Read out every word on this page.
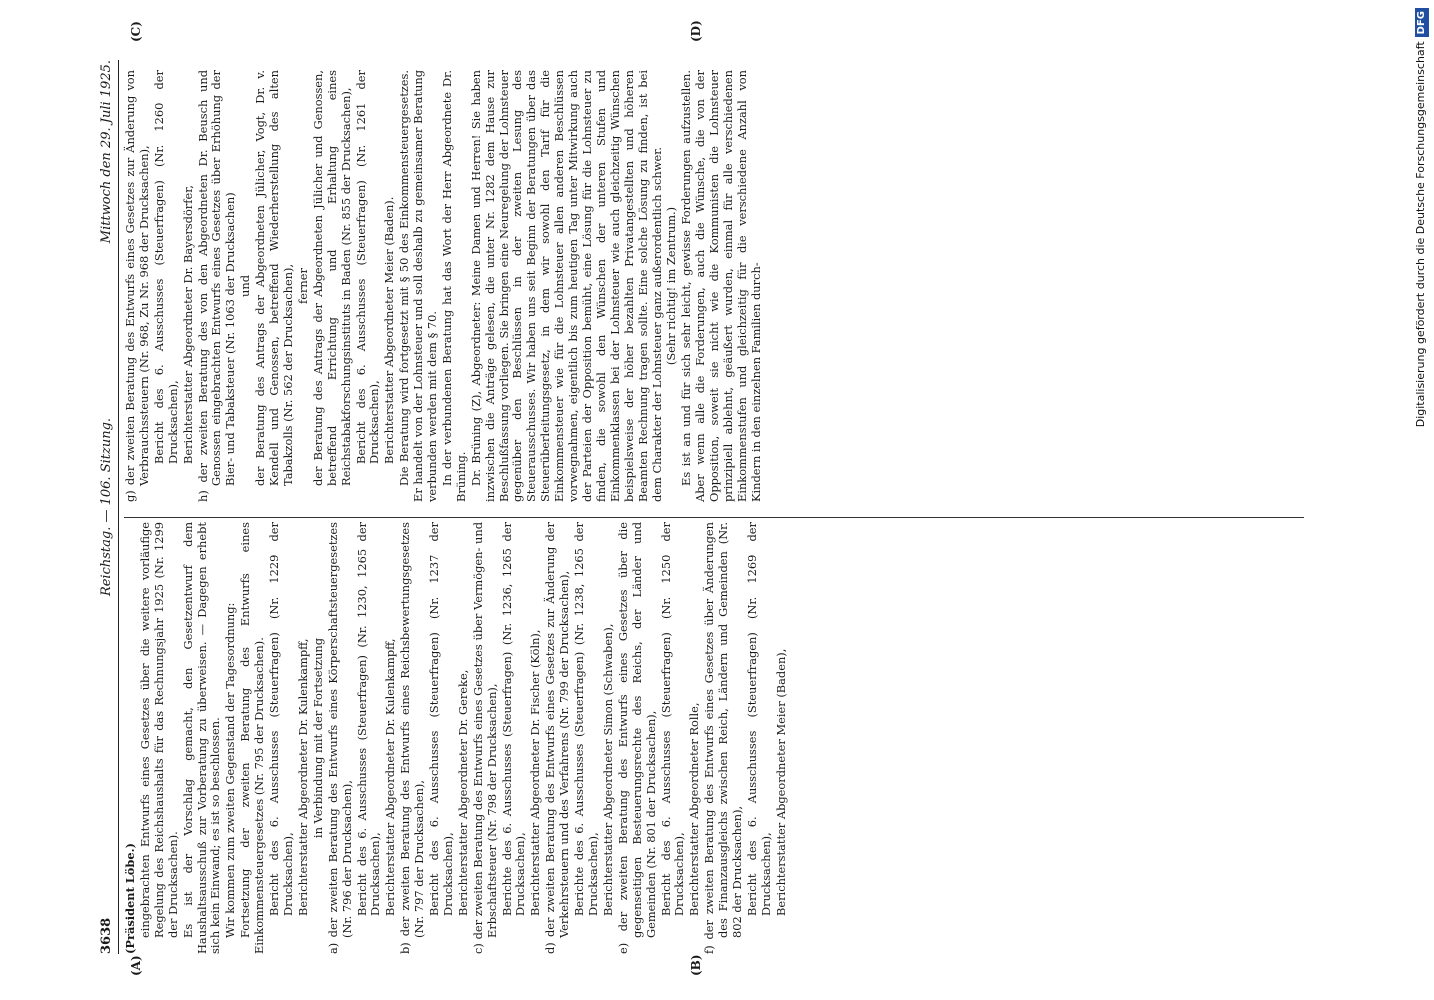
3638
Reichstag. — 106. Sitzung.
Mittwoch den 29. Juli 1925.
(A)	(B)
(C)	(D)

(Präsident Löbe.) eingebrachten Entwurfs eines Gesetzes über die weitere vorläufige Regelung des Reichshaushalts für das Rechnungsjahr 1925 (Nr. 1299 der Drucksachen). Es ist der Vorschlag gemacht, den Gesetzentwurf dem Haushaltsausschuß zur Vorberatung zu überweisen. — Dagegen erhebt sich kein Einwand; es ist so beschlossen. Wir kommen zum zweiten Gegenstand der Tagesordnung: Fortsetzung der zweiten Beratung des Entwurfs eines Einkommensteuergesetzes (Nr. 795 der Drucksachen). Bericht des 6. Ausschusses (Steuerfragen) (Nr. 1229 der Drucksachen), Berichterstatter Abgeordneter Dr. Kulenkampff, in Verbindung mit der Fortsetzung a) der zweiten Beratung des Entwurfs eines Körperschaftsteuergesetzes (Nr. 796 der Drucksachen), Bericht des 6. Ausschusses (Steuerfragen) (Nr. 1230, 1265 der Drucksachen), Berichterstatter Abgeordneter Dr. Kulenkampff, b) der zweiten Beratung des Entwurfs eines Reichsbewertungsgesetzes (Nr. 797 der Drucksachen), Bericht des 6. Ausschusses (Steuerfragen) (Nr. 1237 der Drucksachen), Berichterstatter Abgeordneter Dr. Gereke, c) der zweiten Beratung des Entwurfs eines Gesetzes über Vermögen- und Erbschaftsteuer (Nr. 798 der Drucksachen), Berichte des 6. Ausschusses (Steuerfragen) (Nr. 1236, 1265 der Drucksachen), Berichterstatter Abgeordneter Dr. Fischer (Köln), d) der zweiten Beratung des Entwurfs eines Gesetzes zur Änderung der Verkehrsteuern und des Verfahrens (Nr. 799 der Drucksachen), Berichte des 6. Ausschusses (Steuerfragen) (Nr. 1238, 1265 der Drucksachen), Berichterstatter Abgeordneter Simon (Schwaben), e) der zweiten Beratung des Entwurfs eines Gesetzes über die gegenseitigen Besteuerungsrechte des Reichs, der Länder und Gemeinden (Nr. 801 der Drucksachen), Bericht des 6. Ausschusses (Steuerfragen) (Nr. 1250 der Drucksachen), Berichterstatter Abgeordneter Rolle, f) der zweiten Beratung des Entwurfs eines Gesetzes über Änderungen des Finanzausgleichs zwischen Reich, Ländern und Gemeinden (Nr. 802 der Drucksachen), Bericht des 6. Ausschusses (Steuerfragen) (Nr. 1269 der Drucksachen), Berichterstatter Abgeordneter Meier (Baden),

g) der zweiten Beratung des Entwurfs eines Gesetzes zur Änderung von Verbrauchssteuern (Nr. 968, Zu Nr. 968 der Drucksachen), Bericht des 6. Ausschusses (Steuerfragen) (Nr. 1260 der Drucksachen), Berichterstatter Abgeordneter Dr. Bayersdörfer, h) der zweiten Beratung des von den Abgeordneten Dr. Beusch und Genossen eingebrachten Entwurfs eines Gesetzes über Erhöhung der Bier- und Tabaksteuer (Nr. 1063 der Drucksachen) und der Beratung des Antrags der Abgeordneten Jülicher, Vogt, Dr. v. Kendell und Genossen, betreffend Wiederherstellung des alten Tabakzolls (Nr. 562 der Drucksachen), ferner der Beratung des Antrags der Abgeordneten Jülicher und Genossen, betreffend Errichtung und Erhaltung eines Reichstabakforschungsinstituts in Baden (Nr. 855 der Drucksachen), Bericht des 6. Ausschusses (Steuerfragen) (Nr. 1261 der Drucksachen), Berichterstatter Abgeordneter Meier (Baden). Die Beratung wird fortgesetzt mit § 50 des Einkommensteuergesetzes. Er handelt von der Lohnsteuer und soll deshalb zu gemeinsamer Beratung verbunden werden mit dem § 70. In der verbundenen Beratung hat das Wort der Herr Abgeordnete Dr. Brüning. Dr. Brüning (Z), Abgeordneter: Meine Damen und Herren! Sie haben inzwischen die Anträge gelesen, die unter Nr. 1282 dem Hause zur Beschlußfassung vorliegen. Sie bringen eine Neuregelung der Lohnsteuer gegenüber den Beschlüssen in der zweiten Lesung des Steuerausschusses. Wir haben uns seit Beginn der Beratungen über das Steuerüberleitungsgesetz, in dem wir sowohl den Tarif für die Einkommensteuer wie für die Lohnsteuer allen anderen Beschlüssen vorwegnahmen, eigentlich bis zum heutigen Tag unter Mitwirkung auch der Parteien der Opposition bemüht, eine Lösung für die Lohnsteuer zu finden, die sowohl den Wünschen der unteren Stufen und Einkommenklassen bei der Lohnsteuer wie auch gleichzeitig Wünschen beispielsweise der höher bezahlten Privatangestellten und höheren Beamten Rechnung tragen sollte. Eine solche Lösung zu finden, ist bei dem Charakter der Lohnsteuer ganz außerordentlich schwer. (Sehr richtig! im Zentrum.) Es ist an und für sich sehr leicht, gewisse Forderungen aufzustellen. Aber wenn alle die Forderungen, auch die Wünsche, die von der Opposition, soweit sie nicht wie die Kommunisten die Lohnsteuer prinzipiell ablehnt, geäußert wurden, einmal für alle verschiedenen Einkommenstufen und gleichzeitig für die verschiedene Anzahl von Kindern in den einzelnen Familien durch-	Digitalisierung gefördert durch die Deutsche ForschungsgemeinschaftDFG
